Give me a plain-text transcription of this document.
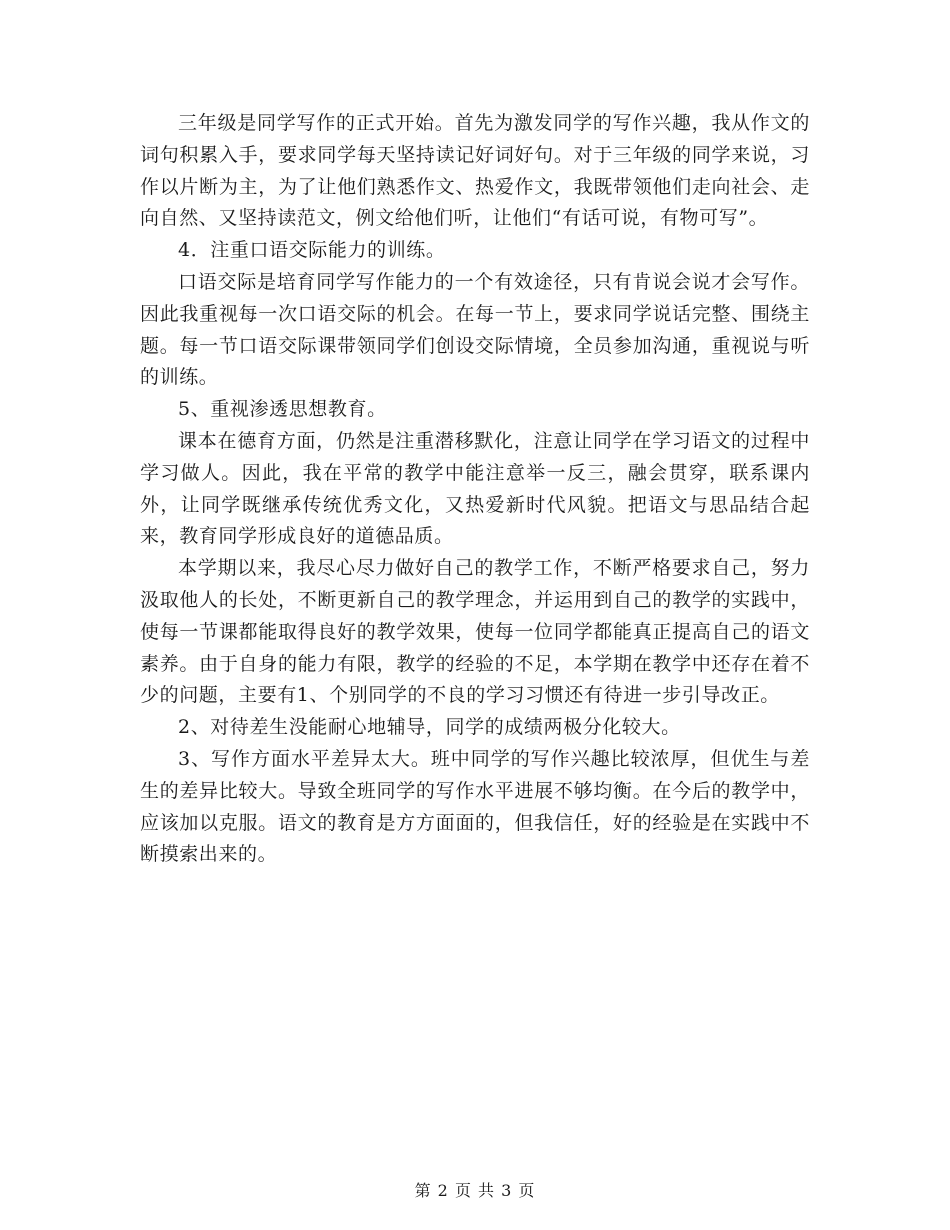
三年级是同学写作的正式开始。首先为激发同学的写作兴趣，我从作文的词句积累入手，要求同学每天坚持读记好词好句。对于三年级的同学来说，习作以片断为主，为了让他们熟悉作文、热爱作文，我既带领他们走向社会、走向自然、又坚持读范文，例文给他们听，让他们“有话可说，有物可写”。

4．注重口语交际能力的训练。

口语交际是培育同学写作能力的一个有效途径，只有肯说会说才会写作。因此我重视每一次口语交际的机会。在每一节上，要求同学说话完整、围绕主题。每一节口语交际课带领同学们创设交际情境，全员参加沟通，重视说与听的训练。

5、重视渗透思想教育。

课本在德育方面，仍然是注重潜移默化，注意让同学在学习语文的过程中学习做人。因此，我在平常的教学中能注意举一反三，融会贯穿，联系课内外，让同学既继承传统优秀文化，又热爱新时代风貌。把语文与思品结合起来，教育同学形成良好的道德品质。

本学期以来，我尽心尽力做好自己的教学工作，不断严格要求自己，努力汲取他人的长处，不断更新自己的教学理念，并运用到自己的教学的实践中，使每一节课都能取得良好的教学效果，使每一位同学都能真正提高自己的语文素养。由于自身的能力有限，教学的经验的不足，本学期在教学中还存在着不少的问题，主要有1、个别同学的不良的学习习惯还有待进一步引导改正。

2、对待差生没能耐心地辅导，同学的成绩两极分化较大。

3、写作方面水平差异太大。班中同学的写作兴趣比较浓厚，但优生与差生的差异比较大。导致全班同学的写作水平进展不够均衡。在今后的教学中，应该加以克服。语文的教育是方方面面的，但我信任，好的经验是在实践中不断摸索出来的。

第 2 页 共 3 页
